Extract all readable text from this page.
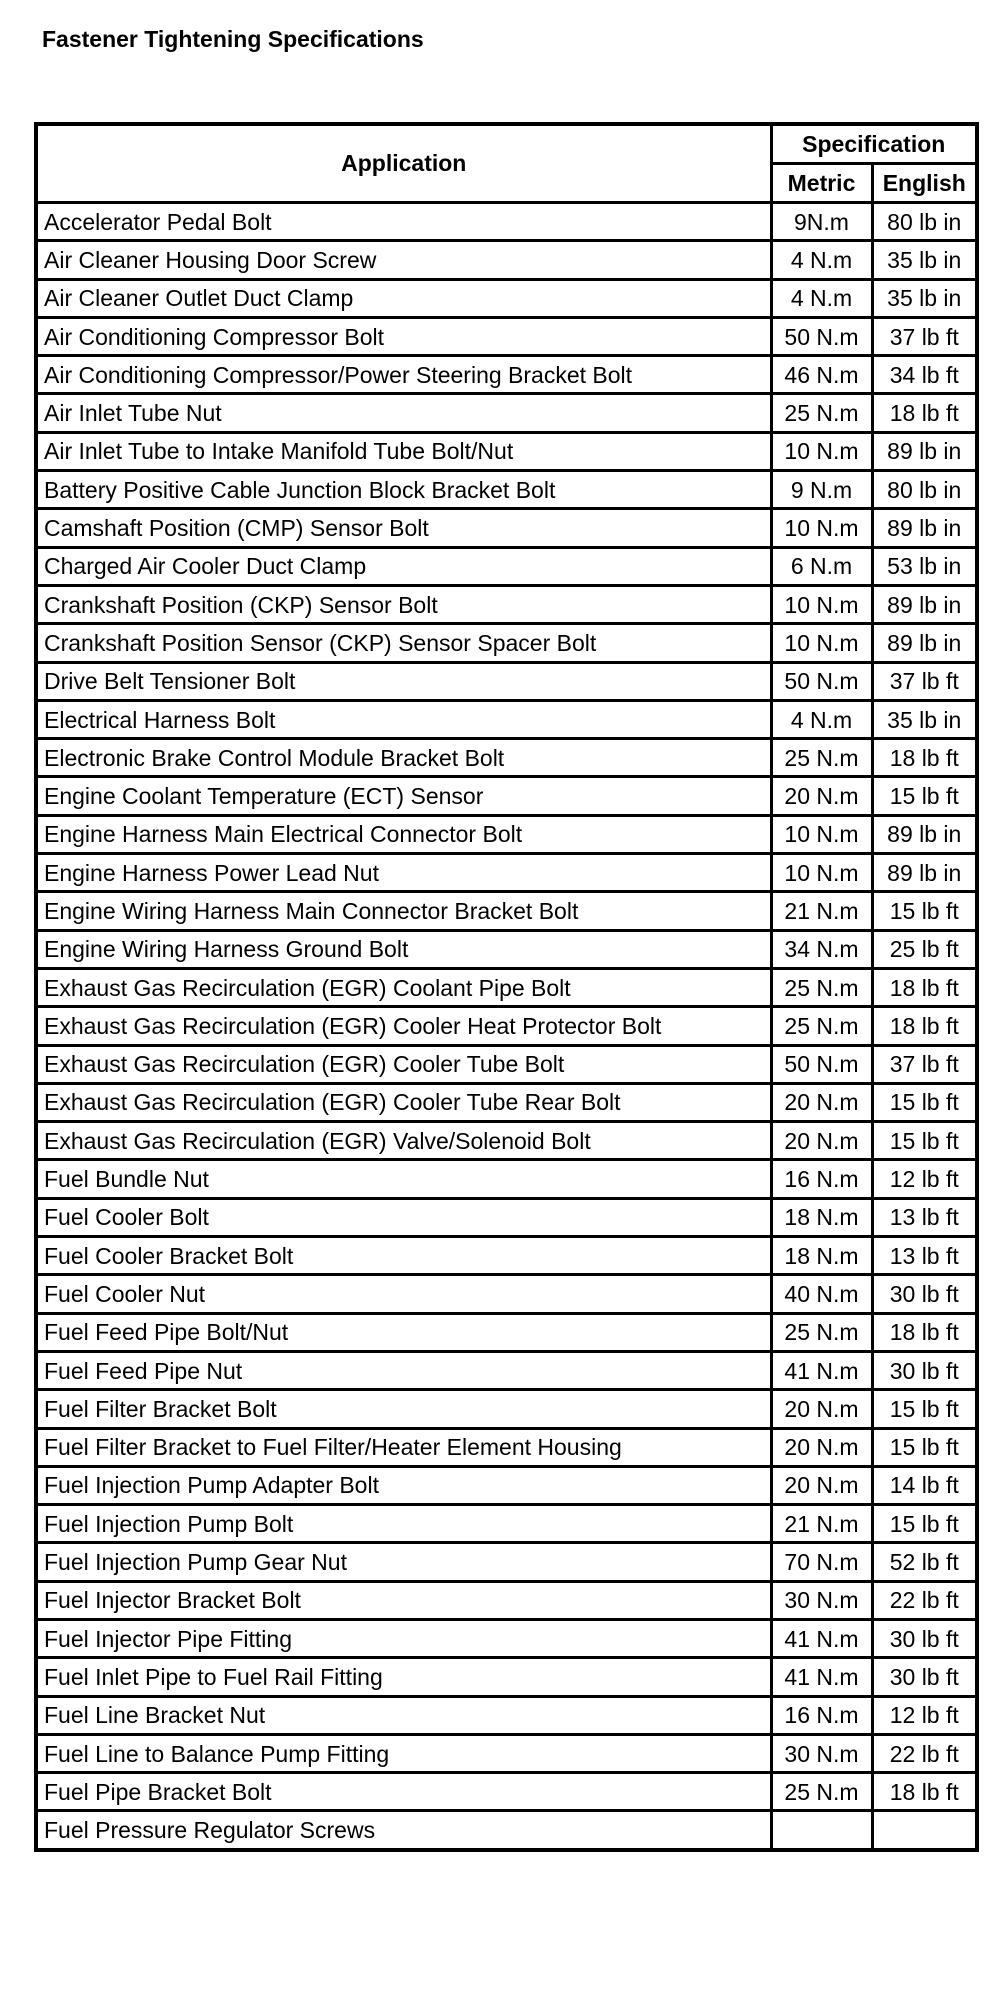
Fastener Tightening Specifications
Application	Specification	
	Metric	English
Accelerator Pedal Bolt	9N.m	80 lb in
Air Cleaner Housing Door Screw	4 N.m	35 lb in
Air Cleaner Outlet Duct Clamp	4 N.m	35 lb in
Air Conditioning Compressor Bolt	50 N.m	37 lb ft
Air Conditioning Compressor/Power Steering Bracket Bolt	46 N.m	34 lb ft
Air Inlet Tube Nut	25 N.m	18 lb ft
Air Inlet Tube to Intake Manifold Tube Bolt/Nut	10 N.m	89 lb in
Battery Positive Cable Junction Block Bracket Bolt	9 N.m	80 lb in
Camshaft Position (CMP) Sensor Bolt	10 N.m	89 lb in
Charged Air Cooler Duct Clamp	6 N.m	53 lb in
Crankshaft Position (CKP) Sensor Bolt	10 N.m	89 lb in
Crankshaft Position Sensor (CKP) Sensor Spacer Bolt	10 N.m	89 lb in
Drive Belt Tensioner Bolt	50 N.m	37 lb ft
Electrical Harness Bolt	4 N.m	35 lb in
Electronic Brake Control Module Bracket Bolt	25 N.m	18 lb ft
Engine Coolant Temperature (ECT) Sensor	20 N.m	15 lb ft
Engine Harness Main Electrical Connector Bolt	10 N.m	89 lb in
Engine Harness Power Lead Nut	10 N.m	89 lb in
Engine Wiring Harness Main Connector Bracket Bolt	21 N.m	15 lb ft
Engine Wiring Harness Ground Bolt	34 N.m	25 lb ft
Exhaust Gas Recirculation (EGR) Coolant Pipe Bolt	25 N.m	18 lb ft
Exhaust Gas Recirculation (EGR) Cooler Heat Protector Bolt	25 N.m	18 lb ft
Exhaust Gas Recirculation (EGR) Cooler Tube Bolt	50 N.m	37 lb ft
Exhaust Gas Recirculation (EGR) Cooler Tube Rear Bolt	20 N.m	15 lb ft
Exhaust Gas Recirculation (EGR) Valve/Solenoid Bolt	20 N.m	15 lb ft
Fuel Bundle Nut	16 N.m	12 lb ft
Fuel Cooler Bolt	18 N.m	13 lb ft
Fuel Cooler Bracket Bolt	18 N.m	13 lb ft
Fuel Cooler Nut	40 N.m	30 lb ft
Fuel Feed Pipe Bolt/Nut	25 N.m	18 lb ft
Fuel Feed Pipe Nut	41 N.m	30 lb ft
Fuel Filter Bracket Bolt	20 N.m	15 lb ft
Fuel Filter Bracket to Fuel Filter/Heater Element Housing	20 N.m	15 lb ft
Fuel Injection Pump Adapter Bolt	20 N.m	14 lb ft
Fuel Injection Pump Bolt	21 N.m	15 lb ft
Fuel Injection Pump Gear Nut	70 N.m	52 lb ft
Fuel Injector Bracket Bolt	30 N.m	22 lb ft
Fuel Injector Pipe Fitting	41 N.m	30 lb ft
Fuel Inlet Pipe to Fuel Rail Fitting	41 N.m	30 lb ft
Fuel Line Bracket Nut	16 N.m	12 lb ft
Fuel Line to Balance Pump Fitting	30 N.m	22 lb ft
Fuel Pipe Bracket Bolt	25 N.m	18 lb ft
Fuel Pressure Regulator Screws		
